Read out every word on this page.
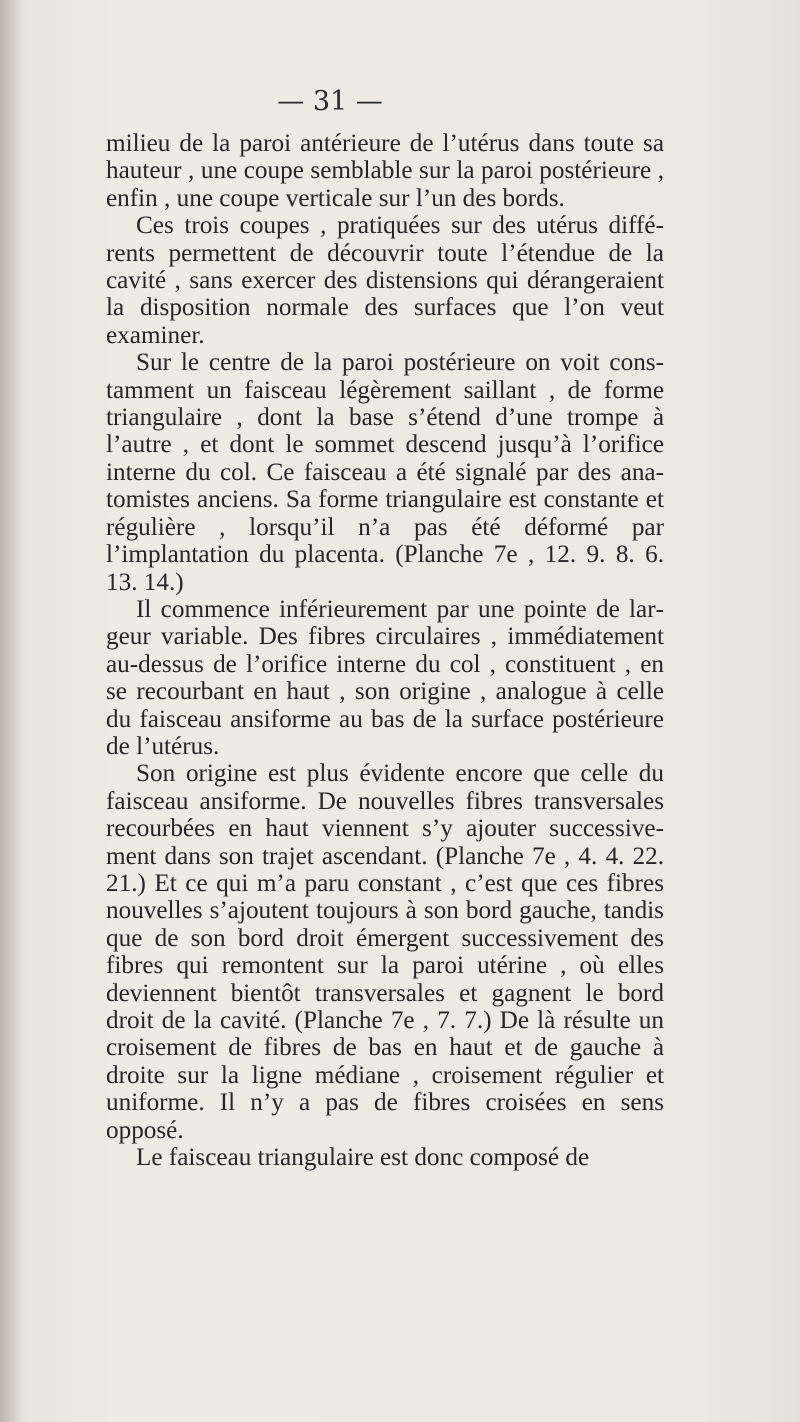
— 31 —

milieu de la paroi antérieure de l’utérus dans toute sa hauteur , une coupe semblable sur la paroi postérieure , enfin , une coupe verticale sur l’un des bords.

Ces trois coupes , pratiquées sur des utérus différents permettent de découvrir toute l’étendue de la cavité , sans exercer des distensions qui dérangeraient la disposition normale des surfaces que l’on veut examiner.

Sur le centre de la paroi postérieure on voit constamment un faisceau légèrement saillant , de forme triangulaire , dont la base s’étend d’une trompe à l’autre , et dont le sommet descend jusqu’à l’orifice interne du col. Ce faisceau a été signalé par des anatomistes anciens. Sa forme triangulaire est constante et régulière , lorsqu’il n’a pas été déformé par l’implantation du placenta. (Planche 7e , 12. 9. 8. 6. 13. 14.)

Il commence inférieurement par une pointe de largeur variable. Des fibres circulaires , immédiatement au-dessus de l’orifice interne du col , constituent , en se recourbant en haut , son origine , analogue à celle du faisceau ansiforme au bas de la surface postérieure de l’utérus.

Son origine est plus évidente encore que celle du faisceau ansiforme. De nouvelles fibres transversales recourbées en haut viennent s’y ajouter successivement dans son trajet ascendant. (Planche 7e , 4. 4. 22. 21.) Et ce qui m’a paru constant , c’est que ces fibres nouvelles s’ajoutent toujours à son bord gauche, tandis que de son bord droit émergent successivement des fibres qui remontent sur la paroi utérine , où elles deviennent bientôt transversales et gagnent le bord droit de la cavité. (Planche 7e , 7. 7.) De là résulte un croisement de fibres de bas en haut et de gauche à droite sur la ligne médiane , croisement régulier et uniforme. Il n’y a pas de fibres croisées en sens opposé.

Le faisceau triangulaire est donc composé de
